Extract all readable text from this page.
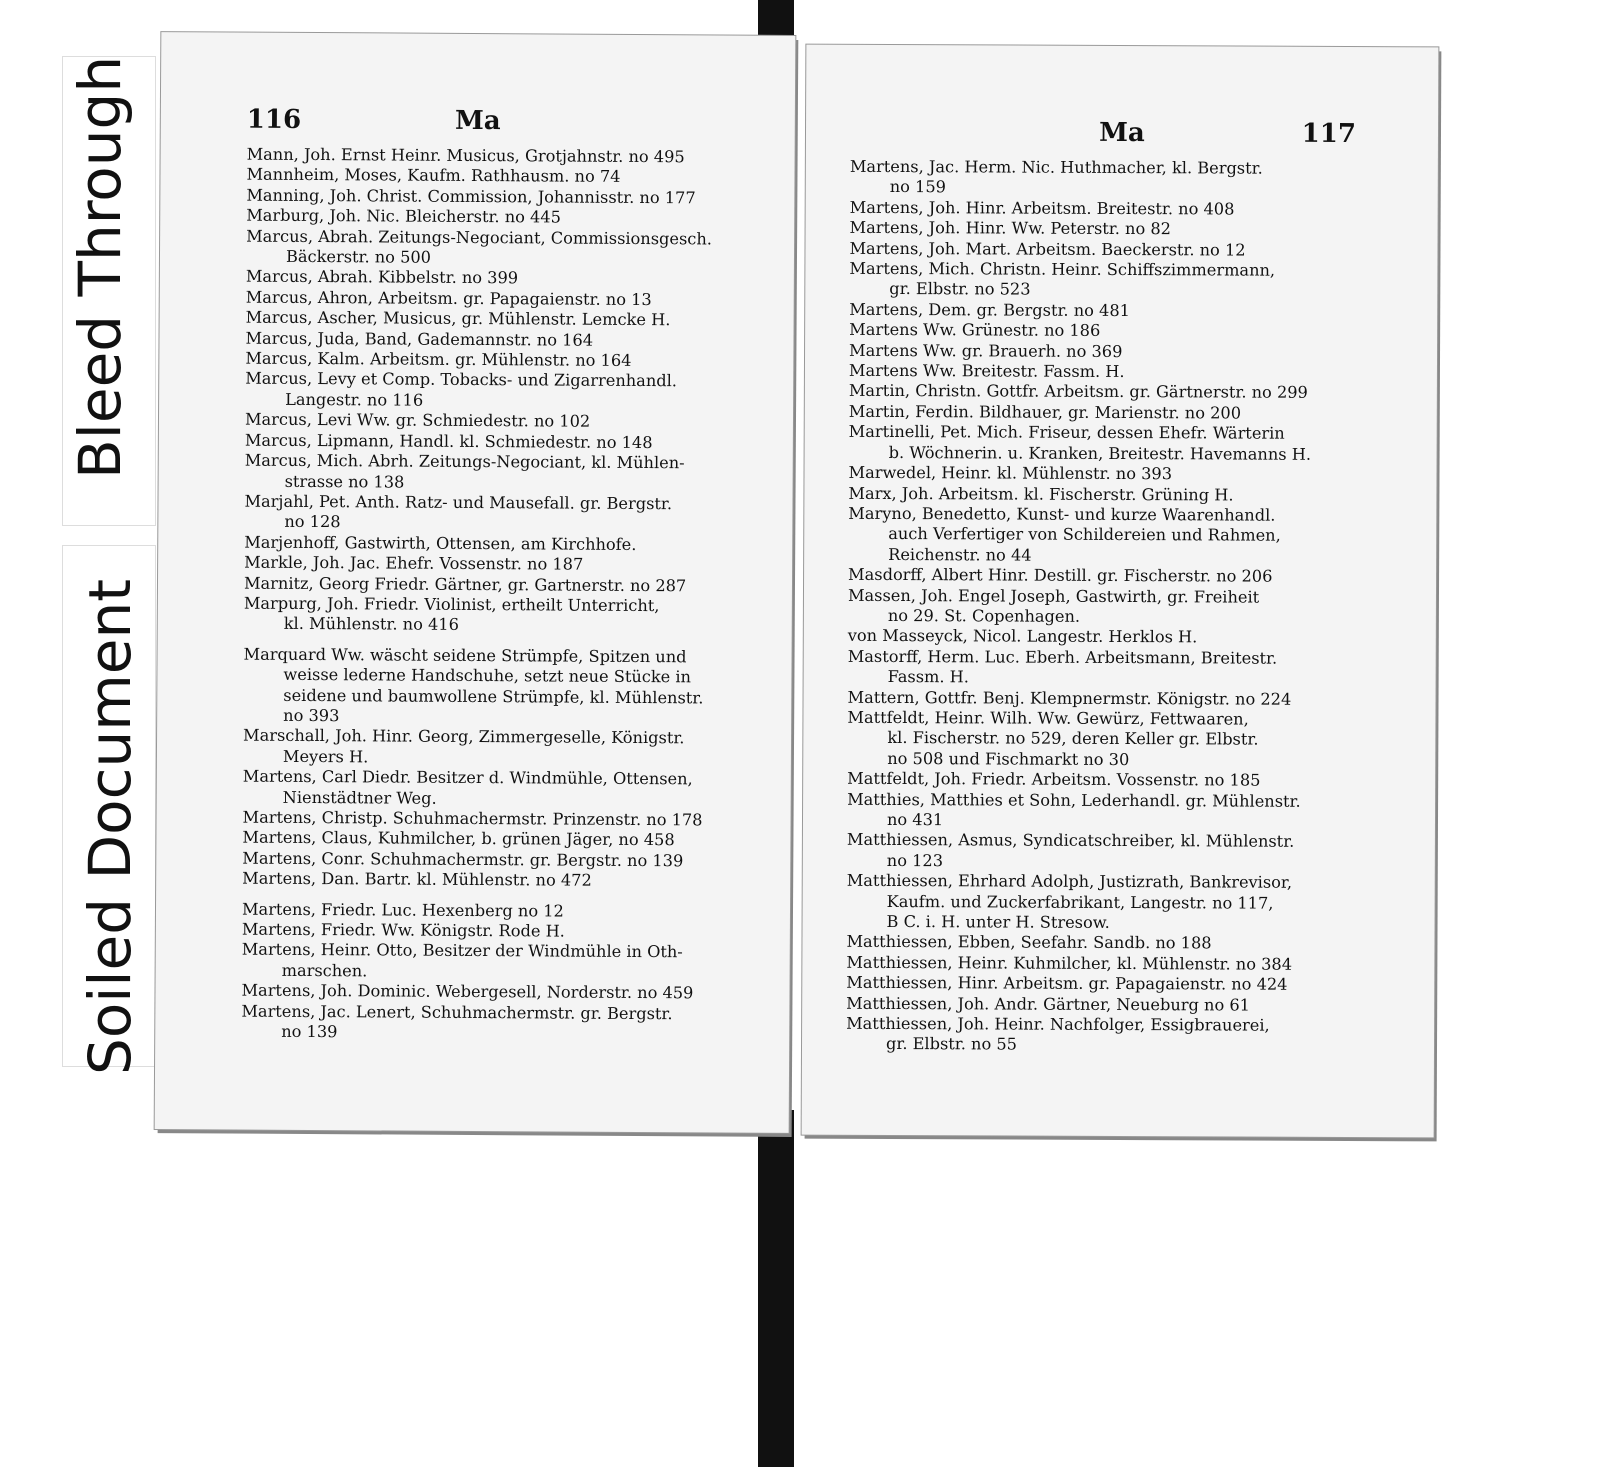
Bleed Through
Soiled Document
116	Ma
Mann, Joh. Ernst Heinr. Musicus, Grotjahnstr. no 495
Mannheim, Moses, Kaufm. Rathhausm. no 74
Manning, Joh. Christ. Commission, Johannisstr. no 177
Marburg, Joh. Nic. Bleicherstr. no 445
Marcus, Abrah. Zeitungs-Negociant, Commissionsgesch.
Bäckerstr. no 500
Marcus, Abrah. Kibbelstr. no 399
Marcus, Ahron, Arbeitsm. gr. Papagaienstr. no 13
Marcus, Ascher, Musicus, gr. Mühlenstr. Lemcke H.
Marcus, Juda, Band, Gademannstr. no 164
Marcus, Kalm. Arbeitsm. gr. Mühlenstr. no 164
Marcus, Levy et Comp. Tobacks- und Zigarrenhandl.
Langestr. no 116
Marcus, Levi Ww. gr. Schmiedestr. no 102
Marcus, Lipmann, Handl. kl. Schmiedestr. no 148
Marcus, Mich. Abrh. Zeitungs-Negociant, kl. Mühlen-
strasse no 138
Marjahl, Pet. Anth. Ratz- und Mausefall. gr. Bergstr.
no 128
Marjenhoff, Gastwirth, Ottensen, am Kirchhofe.
Markle, Joh. Jac. Ehefr. Vossenstr. no 187
Marnitz, Georg Friedr. Gärtner, gr. Gartnerstr. no 287
Marpurg, Joh. Friedr. Violinist, ertheilt Unterricht,
kl. Mühlenstr. no 416
Marquard Ww. wäscht seidene Strümpfe, Spitzen und
weisse lederne Handschuhe, setzt neue Stücke in
seidene und baumwollene Strümpfe, kl. Mühlenstr.
no 393
Marschall, Joh. Hinr. Georg, Zimmergeselle, Königstr.
Meyers H.
Martens, Carl Diedr. Besitzer d. Windmühle, Ottensen,
Nienstädtner Weg.
Martens, Christp. Schuhmachermstr. Prinzenstr. no 178
Martens, Claus, Kuhmilcher, b. grünen Jäger, no 458
Martens, Conr. Schuhmachermstr. gr. Bergstr. no 139
Martens, Dan. Bartr. kl. Mühlenstr. no 472
Martens, Friedr. Luc. Hexenberg no 12
Martens, Friedr. Ww. Königstr. Rode H.
Martens, Heinr. Otto, Besitzer der Windmühle in Oth-
marschen.
Martens, Joh. Dominic. Webergesell, Norderstr. no 459
Martens, Jac. Lenert, Schuhmachermstr. gr. Bergstr.
no 139
Ma	117
Martens, Jac. Herm. Nic. Huthmacher, kl. Bergstr.
no 159
Martens, Joh. Hinr. Arbeitsm. Breitestr. no 408
Martens, Joh. Hinr. Ww. Peterstr. no 82
Martens, Joh. Mart. Arbeitsm. Baeckerstr. no 12
Martens, Mich. Christn. Heinr. Schiffszimmermann,
gr. Elbstr. no 523
Martens, Dem. gr. Bergstr. no 481
Martens Ww. Grünestr. no 186
Martens Ww. gr. Brauerh. no 369
Martens Ww. Breitestr. Fassm. H.
Martin, Christn. Gottfr. Arbeitsm. gr. Gärtnerstr. no 299
Martin, Ferdin. Bildhauer, gr. Marienstr. no 200
Martinelli, Pet. Mich. Friseur, dessen Ehefr. Wärterin
b. Wöchnerin. u. Kranken, Breitestr. Havemanns H.
Marwedel, Heinr. kl. Mühlenstr. no 393
Marx, Joh. Arbeitsm. kl. Fischerstr. Grüning H.
Maryno, Benedetto, Kunst- und kurze Waarenhandl.
auch Verfertiger von Schildereien und Rahmen,
Reichenstr. no 44
Masdorff, Albert Hinr. Destill. gr. Fischerstr. no 206
Massen, Joh. Engel Joseph, Gastwirth, gr. Freiheit
no 29. St. Copenhagen.
von Masseyck, Nicol. Langestr. Herklos H.
Mastorff, Herm. Luc. Eberh. Arbeitsmann, Breitestr.
Fassm. H.
Mattern, Gottfr. Benj. Klempnermstr. Königstr. no 224
Mattfeldt, Heinr. Wilh. Ww. Gewürz, Fettwaaren,
kl. Fischerstr. no 529, deren Keller gr. Elbstr.
no 508 und Fischmarkt no 30
Mattfeldt, Joh. Friedr. Arbeitsm. Vossenstr. no 185
Matthies, Matthies et Sohn, Lederhandl. gr. Mühlenstr.
no 431
Matthiessen, Asmus, Syndicatschreiber, kl. Mühlenstr.
no 123
Matthiessen, Ehrhard Adolph, Justizrath, Bankrevisor,
Kaufm. und Zuckerfabrikant, Langestr. no 117,
B C. i. H. unter H. Stresow.
Matthiessen, Ebben, Seefahr. Sandb. no 188
Matthiessen, Heinr. Kuhmilcher, kl. Mühlenstr. no 384
Matthiessen, Hinr. Arbeitsm. gr. Papagaienstr. no 424
Matthiessen, Joh. Andr. Gärtner, Neueburg no 61
Matthiessen, Joh. Heinr. Nachfolger, Essigbrauerei,
gr. Elbstr. no 55
